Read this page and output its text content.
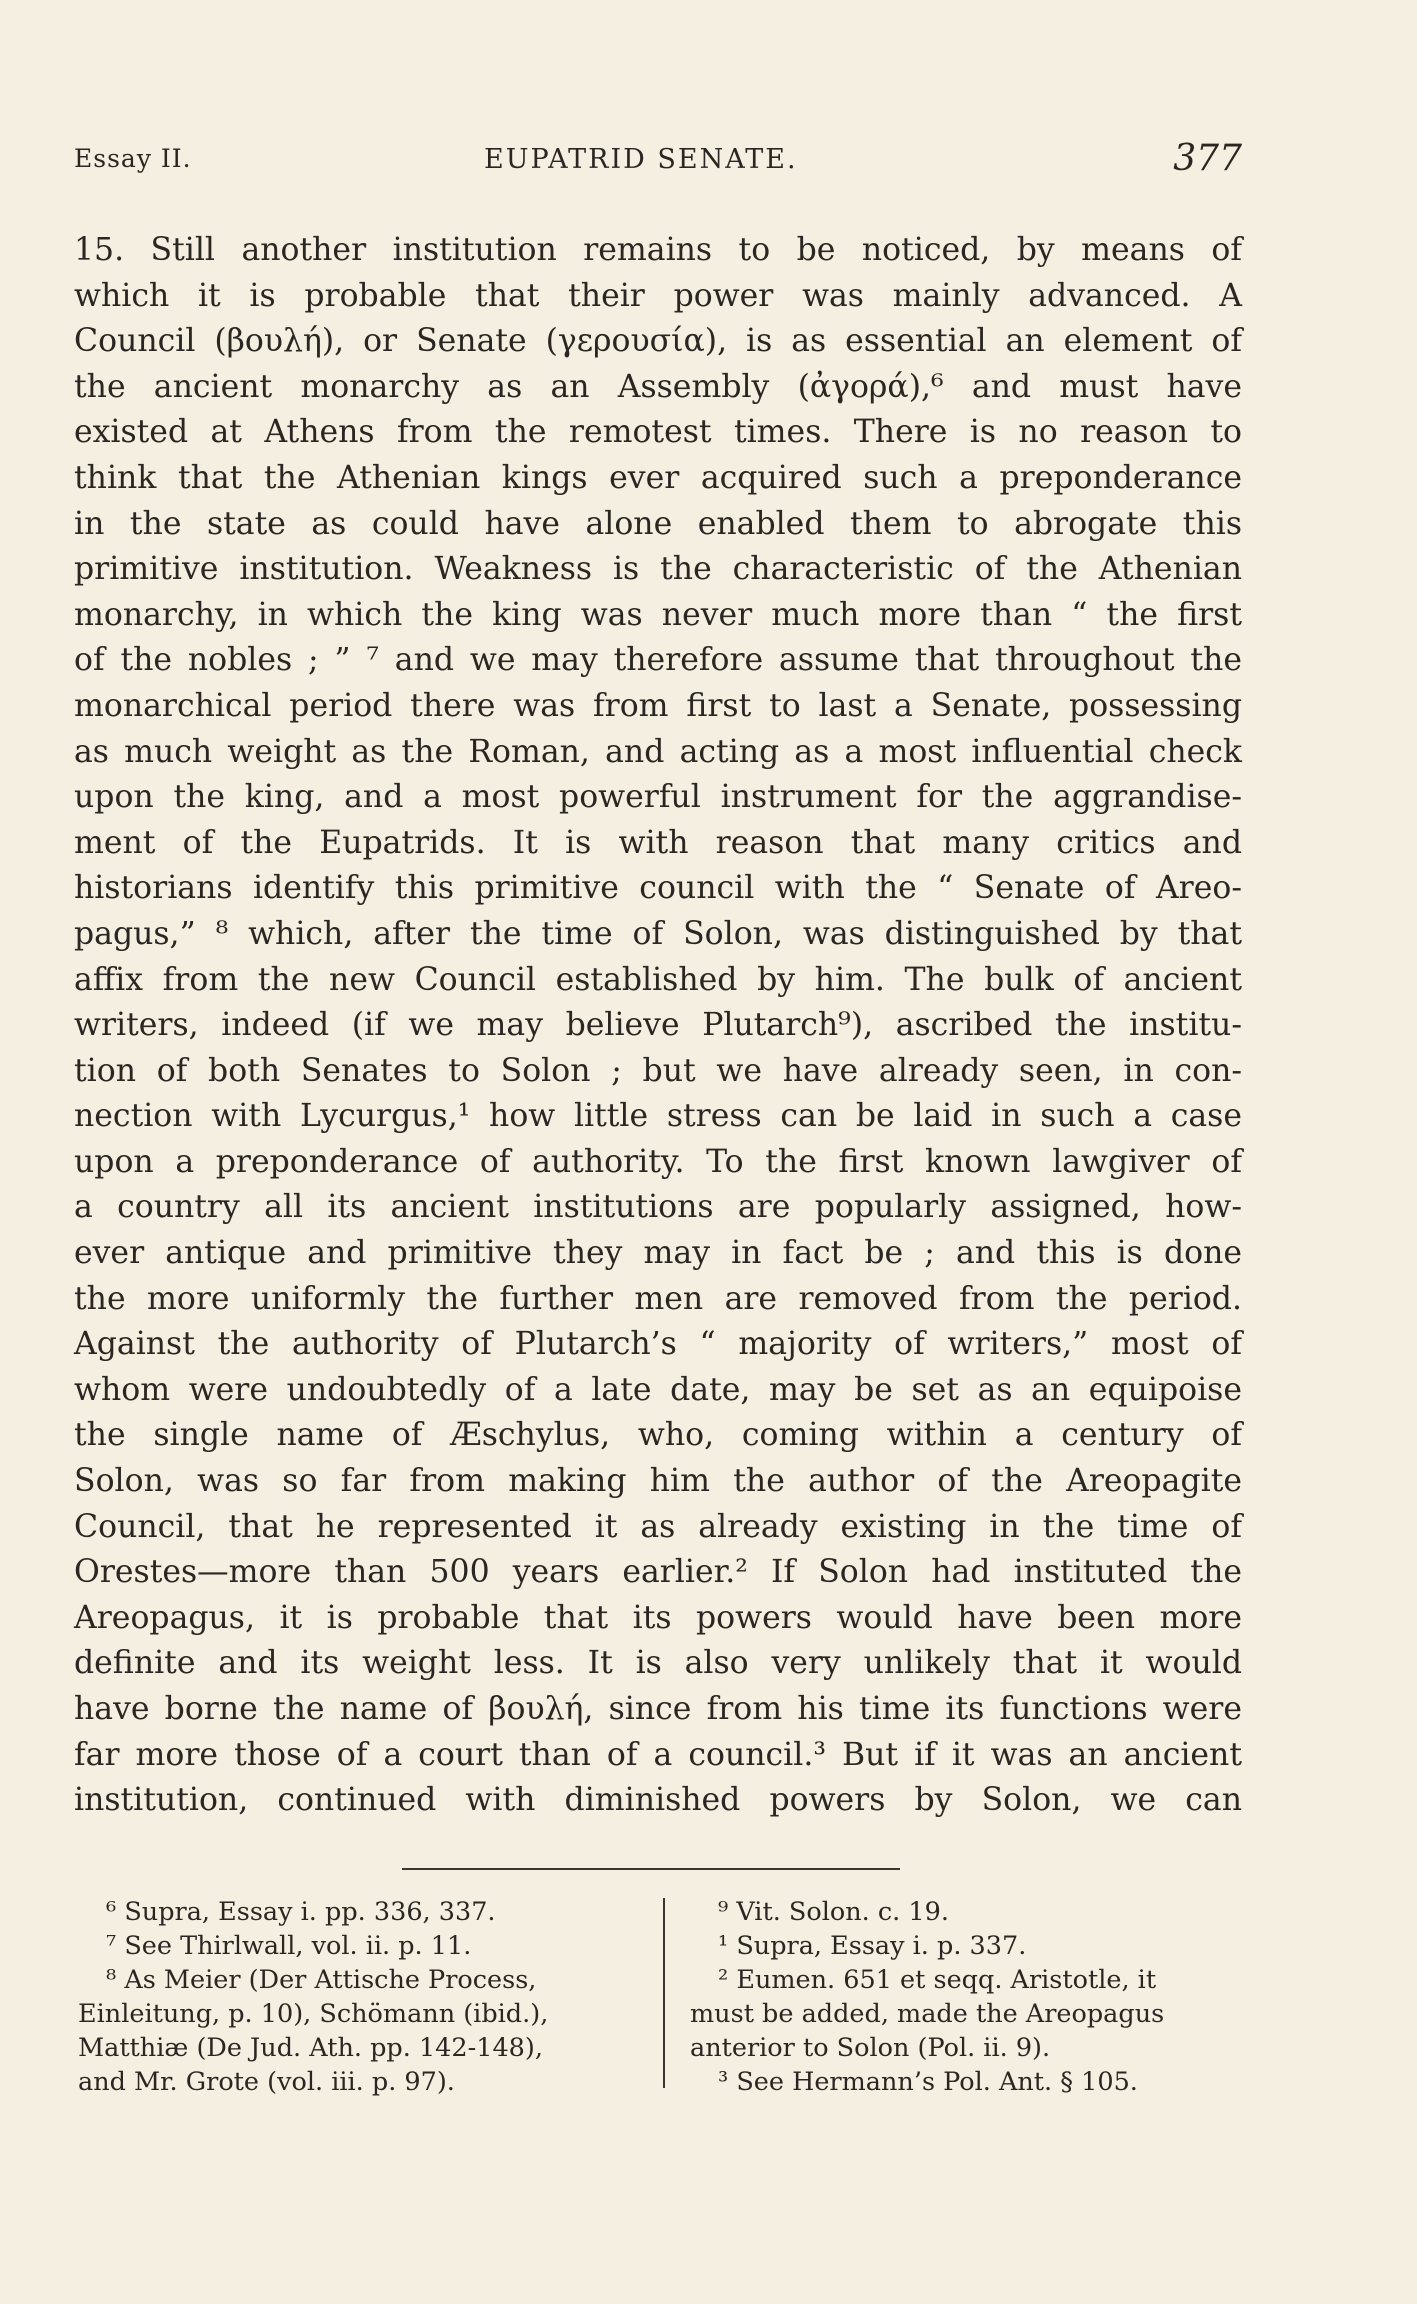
Essay II.	EUPATRID SENATE.	377
15. Still another institution remains to be noticed, by means of
which it is probable that their power was mainly advanced. A
Council (βουλή), or Senate (γερουσία), is as essential an element of
the ancient monarchy as an Assembly (ἀγορά),⁶ and must have
existed at Athens from the remotest times. There is no reason to
think that the Athenian kings ever acquired such a preponderance
in the state as could have alone enabled them to abrogate this
primitive institution. Weakness is the characteristic of the Athenian
monarchy, in which the king was never much more than “ the first
of the nobles ; ” ⁷ and we may therefore assume that throughout the
monarchical period there was from first to last a Senate, possessing
as much weight as the Roman, and acting as a most influential check
upon the king, and a most powerful instrument for the aggrandise-
ment of the Eupatrids. It is with reason that many critics and
historians identify this primitive council with the “ Senate of Areo-
pagus,” ⁸ which, after the time of Solon, was distinguished by that
affix from the new Council established by him. The bulk of ancient
writers, indeed (if we may believe Plutarch⁹), ascribed the institu-
tion of both Senates to Solon ; but we have already seen, in con-
nection with Lycurgus,¹ how little stress can be laid in such a case
upon a preponderance of authority. To the first known lawgiver of
a country all its ancient institutions are popularly assigned, how-
ever antique and primitive they may in fact be ; and this is done
the more uniformly the further men are removed from the period.
Against the authority of Plutarch’s “ majority of writers,” most of
whom were undoubtedly of a late date, may be set as an equipoise
the single name of Æschylus, who, coming within a century of
Solon, was so far from making him the author of the Areopagite
Council, that he represented it as already existing in the time of
Orestes—more than 500 years earlier.² If Solon had instituted the
Areopagus, it is probable that its powers would have been more
definite and its weight less. It is also very unlikely that it would
have borne the name of βουλή, since from his time its functions were
far more those of a court than of a council.³ But if it was an ancient
institution, continued with diminished powers by Solon, we can
⁶ Supra, Essay i. pp. 336, 337.
⁷ See Thirlwall, vol. ii. p. 11.
⁸ As Meier (Der Attische Process,
Einleitung, p. 10), Schömann (ibid.),
Matthiæ (De Jud. Ath. pp. 142-148),
and Mr. Grote (vol. iii. p. 97).
⁹ Vit. Solon. c. 19.
¹ Supra, Essay i. p. 337.
² Eumen. 651 et seqq. Aristotle, it
must be added, made the Areopagus
anterior to Solon (Pol. ii. 9).
³ See Hermann’s Pol. Ant. § 105.
